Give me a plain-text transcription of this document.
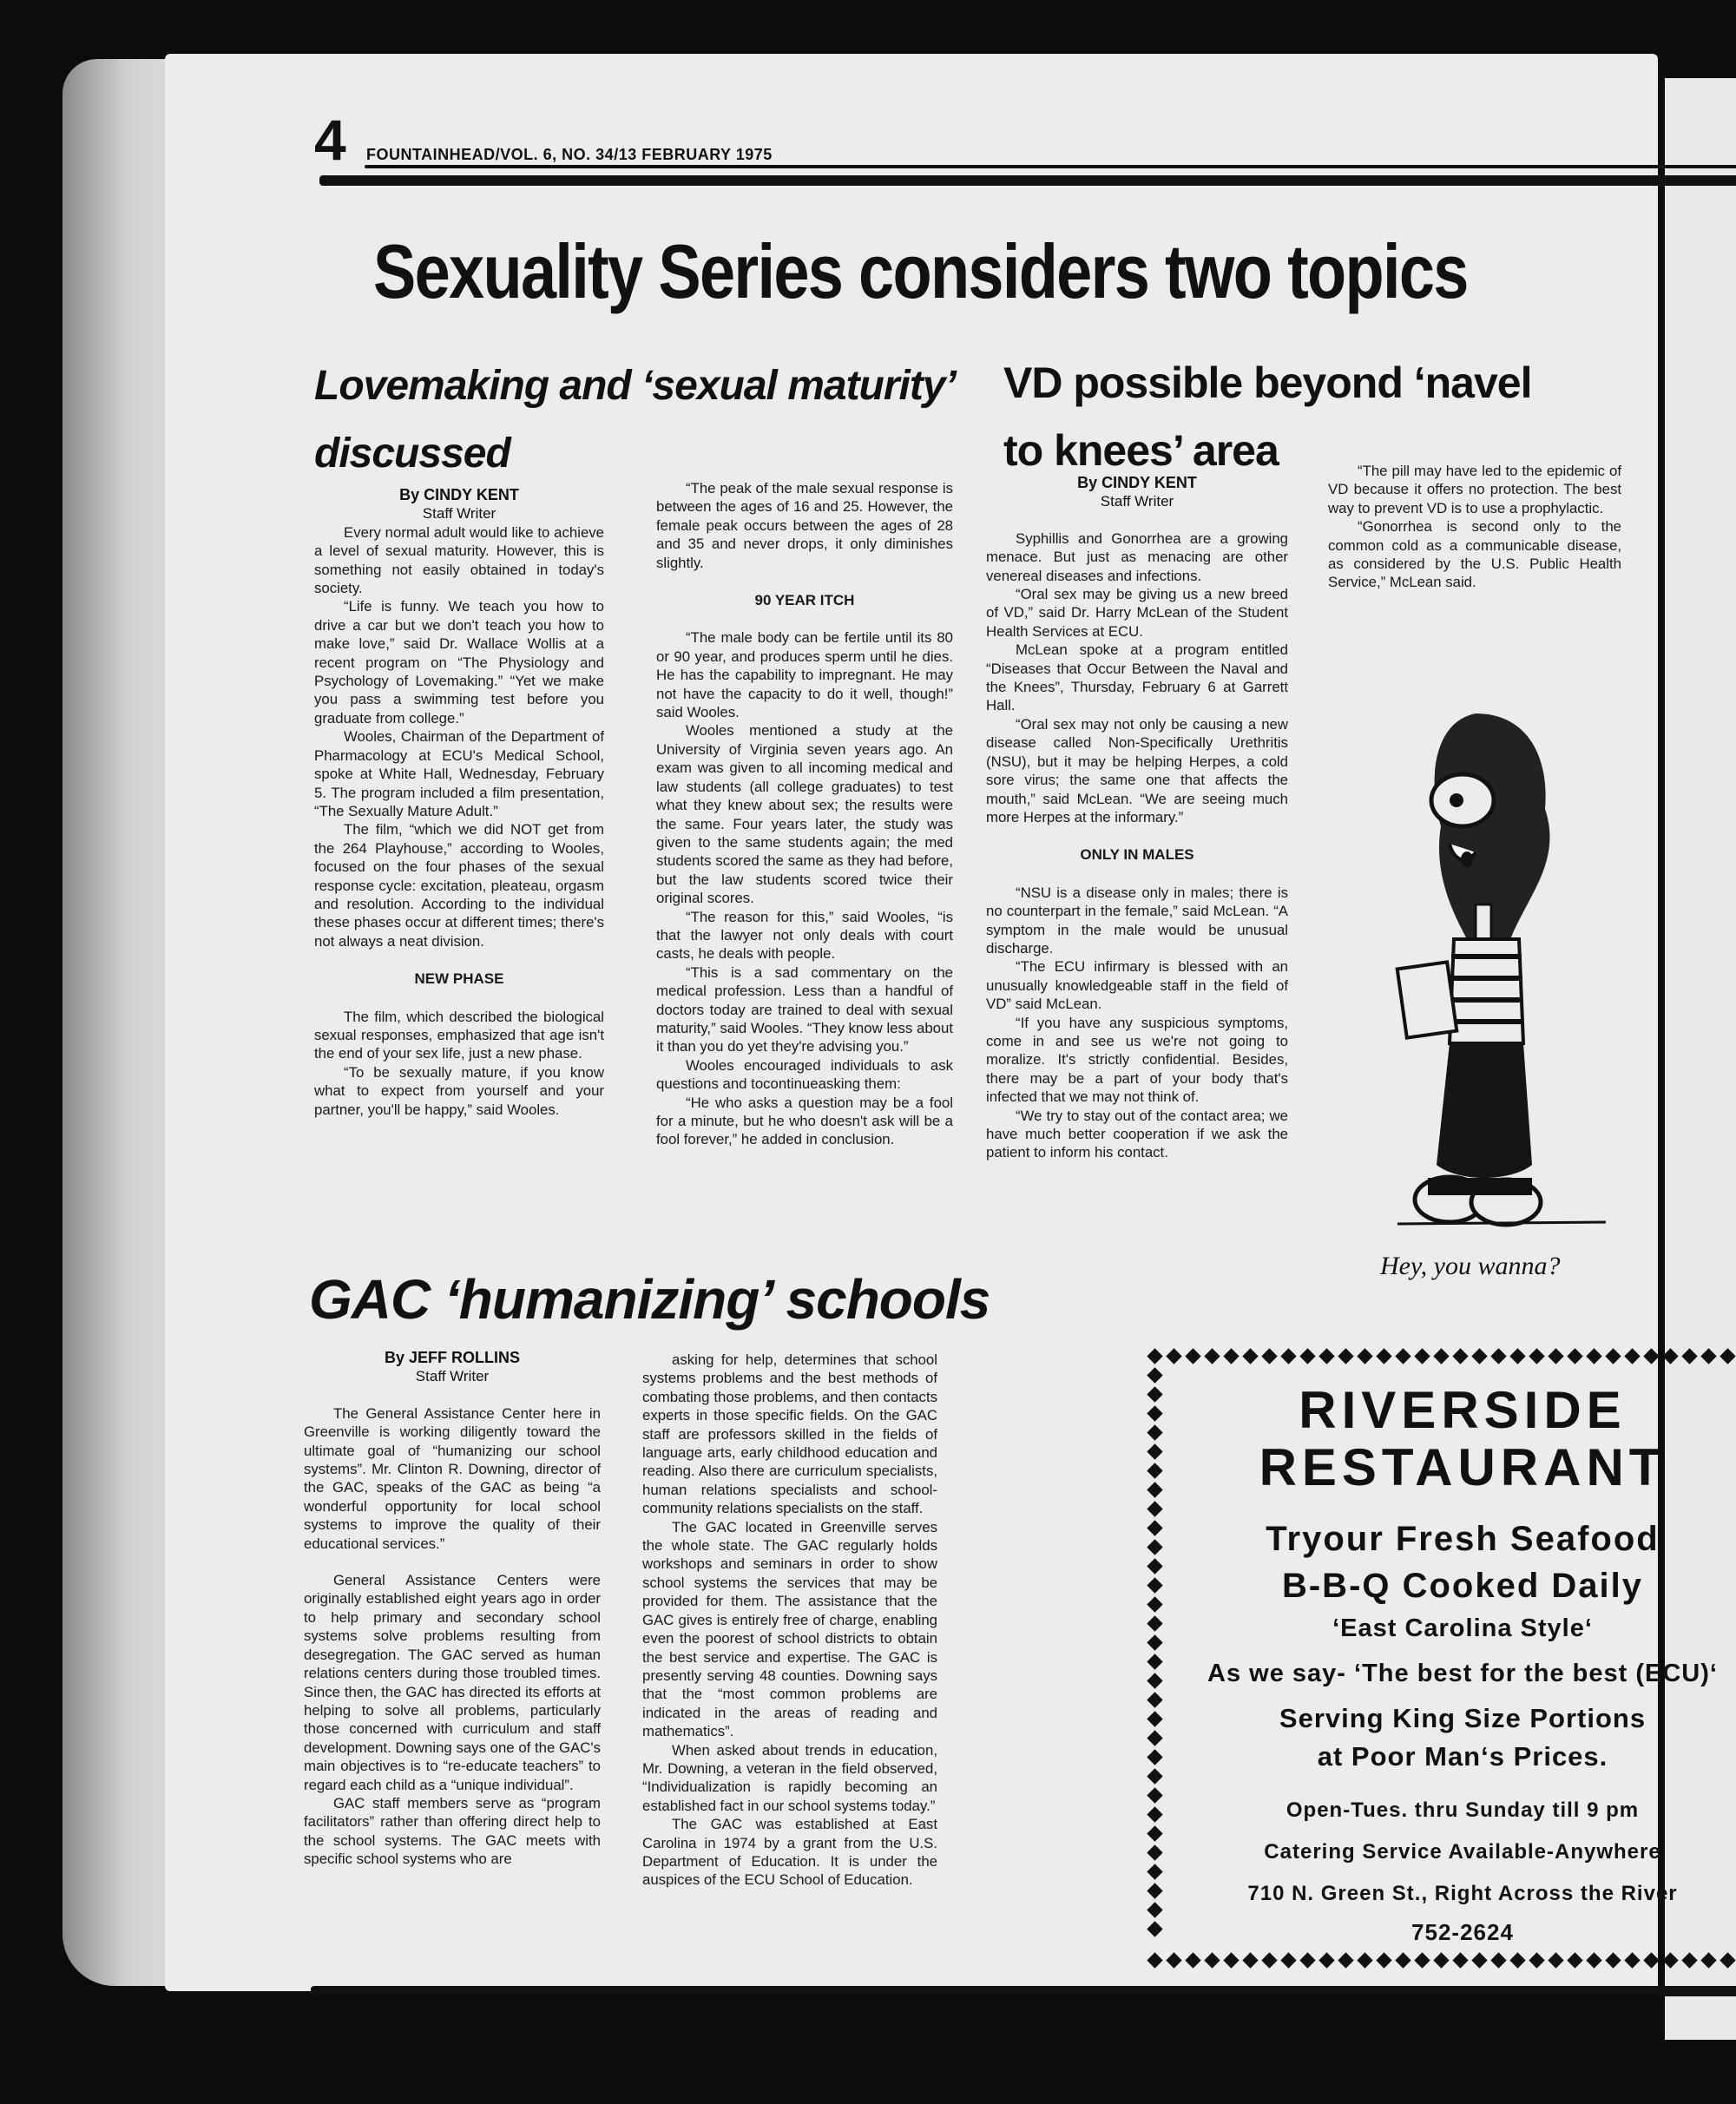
4 FOUNTAINHEAD/VOL. 6, NO. 34/13 FEBRUARY 1975
Sexuality Series considers two topics
Lovemaking and ‘sexual maturity’
discussed
VD possible beyond ‘navel
to knees’ area
By CINDY KENT
Staff Writer

Every normal adult would like to achieve a level of sexual maturity. However, this is something not easily obtained in today's society.

“Life is funny. We teach you how to drive a car but we don't teach you how to make love,” said Dr. Wallace Wollis at a recent program on “The Physiology and Psychology of Lovemaking.” “Yet we make you pass a swimming test before you graduate from college.”

Wooles, Chairman of the Department of Pharmacology at ECU's Medical School, spoke at White Hall, Wednesday, February 5. The program included a film presentation, “The Sexually Mature Adult.”

The film, “which we did NOT get from the 264 Playhouse,” according to Wooles, focused on the four phases of the sexual response cycle: excitation, pleateau, orgasm and resolution. According to the individual these phases occur at different times; there's not always a neat division.

NEW PHASE

The film, which described the biological sexual responses, emphasized that age isn't the end of your sex life, just a new phase.

“To be sexually mature, if you know what to expect from yourself and your partner, you'll be happy,” said Wooles.

“The peak of the male sexual response is between the ages of 16 and 25. However, the female peak occurs between the ages of 28 and 35 and never drops, it only diminishes slightly.

90 YEAR ITCH

“The male body can be fertile until its 80 or 90 year, and produces sperm until he dies. He has the capability to impregnant. He may not have the capacity to do it well, though!” said Wooles.

Wooles mentioned a study at the University of Virginia seven years ago. An exam was given to all incoming medical and law students (all college graduates) to test what they knew about sex; the results were the same. Four years later, the study was given to the same students again; the med students scored the same as they had before, but the law students scored twice their original scores.

“The reason for this,” said Wooles, “is that the lawyer not only deals with court casts, he deals with people.

“This is a sad commentary on the medical profession. Less than a handful of doctors today are trained to deal with sexual maturity,” said Wooles. “They know less about it than you do yet they're advising you.”

Wooles encouraged individuals to ask questions and tocontinueasking them:

“He who asks a question may be a fool for a minute, but he who doesn't ask will be a fool forever,” he added in conclusion.

By CINDY KENT
Staff Writer

Syphillis and Gonorrhea are a growing menace. But just as menacing are other venereal diseases and infections.

“Oral sex may be giving us a new breed of VD,” said Dr. Harry McLean of the Student Health Services at ECU.

McLean spoke at a program entitled “Diseases that Occur Between the Naval and the Knees”, Thursday, February 6 at Garrett Hall.

“Oral sex may not only be causing a new disease called Non-Specifically Urethritis (NSU), but it may be helping Herpes, a cold sore virus; the same one that affects the mouth,” said McLean. “We are seeing much more Herpes at the informary.”

ONLY IN MALES

“NSU is a disease only in males; there is no counterpart in the female,” said McLean. “A symptom in the male would be unusual discharge.

“The ECU infirmary is blessed with an unusually knowledgeable staff in the field of VD” said McLean.

“If you have any suspicious symptoms, come in and see us we're not going to moralize. It's strictly confidential. Besides, there may be a part of your body that's infected that we may not think of.

“We try to stay out of the contact area; we have much better cooperation if we ask the patient to inform his contact.

“The pill may have led to the epidemic of VD because it offers no protection. The best way to prevent VD is to use a prophylactic.

“Gonorrhea is second only to the common cold as a communicable disease, as considered by the U.S. Public Health Service,” McLean said.

Hey, you wanna?
GAC ‘humanizing’ schools
By JEFF ROLLINS
Staff Writer

The General Assistance Center here in Greenville is working diligently toward the ultimate goal of “humanizing our school systems”. Mr. Clinton R. Downing, director of the GAC, speaks of the GAC as being “a wonderful opportunity for local school systems to improve the quality of their educational services.”

General Assistance Centers were originally established eight years ago in order to help primary and secondary school systems solve problems resulting from desegregation. The GAC served as human relations centers during those troubled times. Since then, the GAC has directed its efforts at helping to solve all problems, particularly those concerned with curriculum and staff development. Downing says one of the GAC's main objectives is to “re-educate teachers” to regard each child as a “unique individual”.

GAC staff members serve as “program facilitators” rather than offering direct help to the school systems. The GAC meets with specific school systems who are

asking for help, determines that school systems problems and the best methods of combating those problems, and then contacts experts in those specific fields. On the GAC staff are professors skilled in the fields of language arts, early childhood education and reading. Also there are curriculum specialists, human relations specialists and school-community relations specialists on the staff.

The GAC located in Greenville serves the whole state. The GAC regularly holds workshops and seminars in order to show school systems the services that may be provided for them. The assistance that the GAC gives is entirely free of charge, enabling even the poorest of school districts to obtain the best service and expertise. The GAC is presently serving 48 counties. Downing says that the “most common problems are indicated in the areas of reading and mathematics”.

When asked about trends in education, Mr. Downing, a veteran in the field observed, “Individualization is rapidly becoming an established fact in our school systems today.”

The GAC was established at East Carolina in 1974 by a grant from the U.S. Department of Education. It is under the auspices of the ECU School of Education.

RIVERSIDE
RESTAURANT
Tryour Fresh Seafood
B-B-Q Cooked Daily
‘East Carolina Style‘
As we say- ‘The best for the best (ECU)‘
Serving King Size Portions
at Poor Man‘s Prices.
Open-Tues. thru Sunday till 9 pm
Catering Service Available-Anywhere
710 N. Green St., Right Across the River
752-2624
